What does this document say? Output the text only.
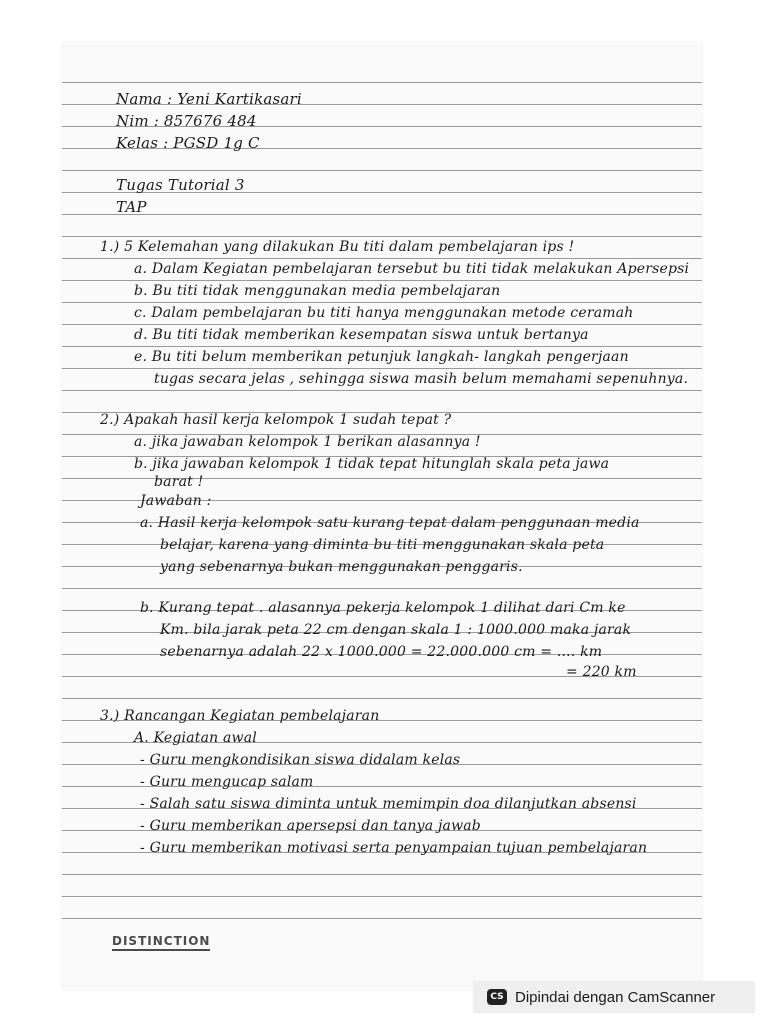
Nama : Yeni Kartikasari
Nim : 857676 484
Kelas : PGSD 1g C
Tugas Tutorial 3
TAP
1.) 5 Kelemahan yang dilakukan Bu titi dalam pembelajaran ips !
a. Dalam Kegiatan pembelajaran tersebut bu titi tidak melakukan Apersepsi
b. Bu titi tidak menggunakan media pembelajaran
c. Dalam pembelajaran bu titi hanya menggunakan metode ceramah
d. Bu titi tidak memberikan kesempatan siswa untuk bertanya
e. Bu titi belum memberikan petunjuk langkah- langkah pengerjaan
tugas secara jelas , sehingga siswa masih belum memahami sepenuhnya.
2.) Apakah hasil kerja kelompok 1 sudah tepat ?
a. jika jawaban kelompok 1 berikan alasannya !
b. jika jawaban kelompok 1 tidak tepat hitunglah skala peta jawa
barat !
Jawaban :
a. Hasil kerja kelompok satu kurang tepat dalam penggunaan media
belajar, karena yang diminta bu titi menggunakan skala peta
yang sebenarnya bukan menggunakan penggaris.
b. Kurang tepat . alasannya pekerja kelompok 1 dilihat dari Cm ke
Km. bila jarak peta 22 cm dengan skala 1 : 1000.000 maka jarak
sebenarnya adalah 22 x 1000.000 = 22.000.000 cm = .... km
= 220 km
3.) Rancangan Kegiatan pembelajaran
A. Kegiatan awal
- Guru mengkondisikan siswa didalam kelas
- Guru mengucap salam
- Salah satu siswa diminta untuk memimpin doa dilanjutkan absensi
- Guru memberikan apersepsi dan tanya jawab
- Guru memberikan motivasi serta penyampaian tujuan pembelajaran
DISTINCTION
CS Dipindai dengan CamScanner
